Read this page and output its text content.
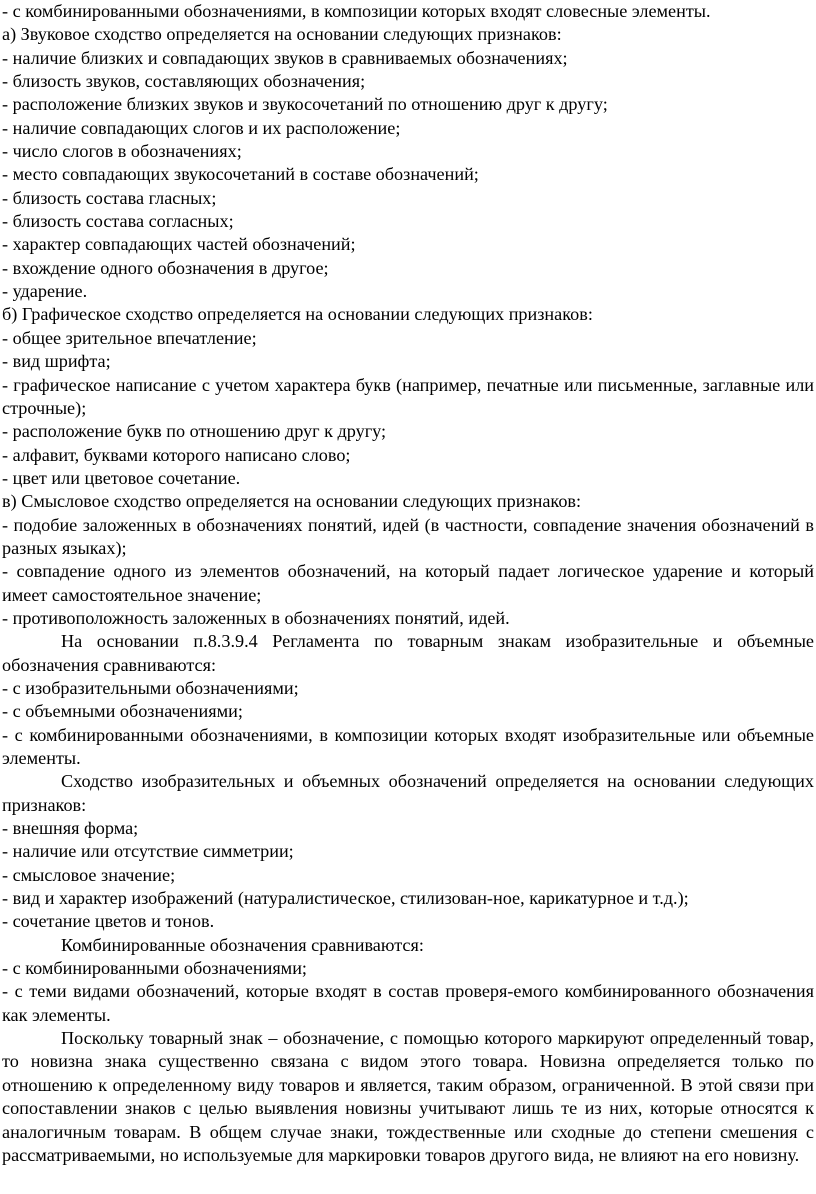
- с комбинированными обозначениями, в композиции которых входят словесные элементы.

а) Звуковое сходство определяется на основании следующих признаков:

- наличие близких и совпадающих звуков в сравниваемых обозначениях;

- близость звуков, составляющих обозначения;

- расположение близких звуков и звукосочетаний по отношению друг к другу;

- наличие совпадающих слогов и их расположение;

- число слогов в обозначениях;

- место совпадающих звукосочетаний в составе обозначений;

- близость состава гласных;

- близость состава согласных;

- характер совпадающих частей обозначений;

- вхождение одного обозначения в другое;

- ударение.

б) Графическое сходство определяется на основании следующих признаков:

- общее зрительное впечатление;

- вид шрифта;

- графическое написание с учетом характера букв (например, печатные или письменные, заглавные или строчные);

- расположение букв по отношению друг к другу;

- алфавит, буквами которого написано слово;

- цвет или цветовое сочетание.

в) Смысловое сходство определяется на основании следующих признаков:

- подобие заложенных в обозначениях понятий, идей (в частности, совпадение значения обозначений в разных языках);

- совпадение одного из элементов обозначений, на который падает логическое ударение и который имеет самостоятельное значение;

- противоположность заложенных в обозначениях понятий, идей.

На основании п.8.3.9.4 Регламента по товарным знакам изобразительные и объемные обозначения сравниваются:

- с изобразительными обозначениями;

- с объемными обозначениями;

- с комбинированными обозначениями, в композиции которых входят изобразительные или объемные элементы.

Сходство изобразительных и объемных обозначений определяется на основании следующих признаков:

- внешняя форма;

- наличие или отсутствие симметрии;

- смысловое значение;

- вид и характер изображений (натуралистическое, стилизован-ное, карикатурное и т.д.);

- сочетание цветов и тонов.

Комбинированные обозначения сравниваются:

- с комбинированными обозначениями;

- с теми видами обозначений, которые входят в состав проверя-емого комбинированного обозначения как элементы.

Поскольку товарный знак – обозначение, с помощью которого маркируют определенный товар, то новизна знака существенно связана с видом этого товара. Новизна определяется только по отношению к определенному виду товаров и является, таким образом, ограниченной. В этой связи при сопоставлении знаков с целью выявления новизны учитывают лишь те из них, которые относятся к аналогичным товарам. В общем случае знаки, тождественные или сходные до степени смешения с рассматриваемыми, но используемые для маркировки товаров другого вида, не влияют на его новизну.
